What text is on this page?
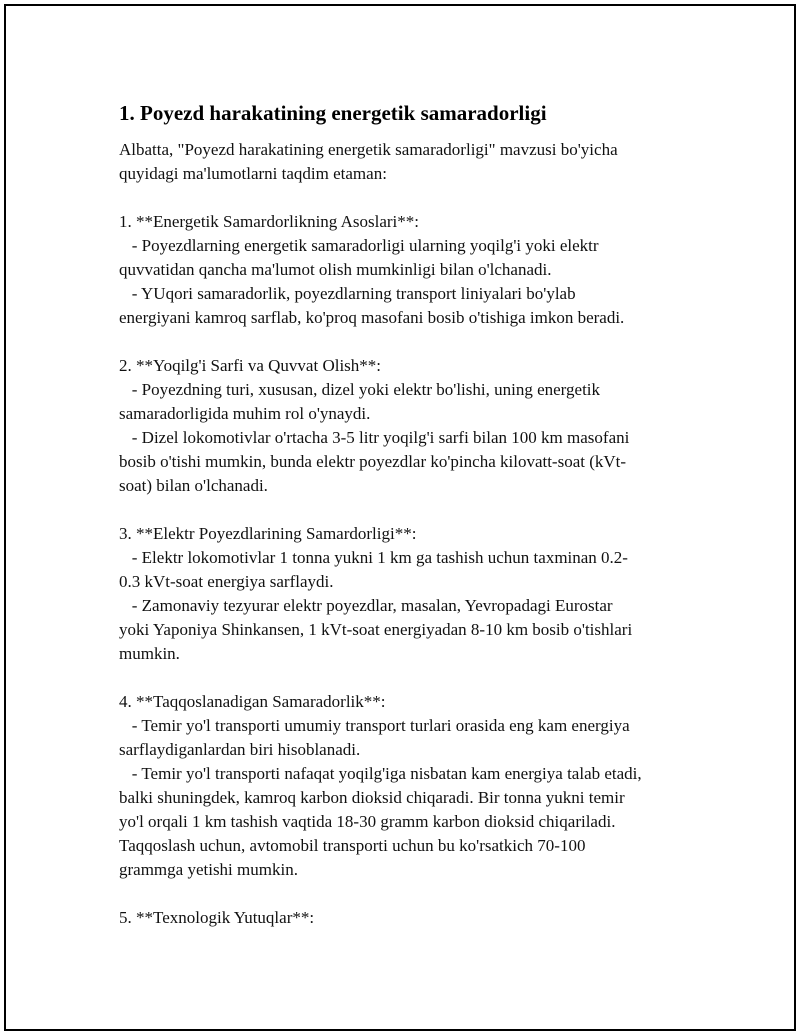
1. Poyezd harakatining energetik samaradorligi

Albatta, "Poyezd harakatining energetik samaradorligi" mavzusi bo'yicha
quyidagi ma'lumotlarni taqdim etaman:

1. **Energetik Samardorlikning Asoslari**:
- Poyezdlarning energetik samaradorligi ularning yoqilg'i yoki elektr
quvvatidan qancha ma'lumot olish mumkinligi bilan o'lchanadi.
- YUqori samaradorlik, poyezdlarning transport liniyalari bo'ylab
energiyani kamroq sarflab, ko'proq masofani bosib o'tishiga imkon beradi.

2. **Yoqilg'i Sarfi va Quvvat Olish**:
- Poyezdning turi, xususan, dizel yoki elektr bo'lishi, uning energetik
samaradorligida muhim rol o'ynaydi.
- Dizel lokomotivlar o'rtacha 3-5 litr yoqilg'i sarfi bilan 100 km masofani
bosib o'tishi mumkin, bunda elektr poyezdlar ko'pincha kilovatt-soat (kVt-
soat) bilan o'lchanadi.

3. **Elektr Poyezdlarining Samardorligi**:
- Elektr lokomotivlar 1 tonna yukni 1 km ga tashish uchun taxminan 0.2-
0.3 kVt-soat energiya sarflaydi.
- Zamonaviy tezyurar elektr poyezdlar, masalan, Yevropadagi Eurostar
yoki Yaponiya Shinkansen, 1 kVt-soat energiyadan 8-10 km bosib o'tishlari
mumkin.

4. **Taqqoslanadigan Samaradorlik**:
- Temir yo'l transporti umumiy transport turlari orasida eng kam energiya
sarflaydiganlardan biri hisoblanadi.
- Temir yo'l transporti nafaqat yoqilg'iga nisbatan kam energiya talab etadi,
balki shuningdek, kamroq karbon dioksid chiqaradi. Bir tonna yukni temir
yo'l orqali 1 km tashish vaqtida 18-30 gramm karbon dioksid chiqariladi.
Taqqoslash uchun, avtomobil transporti uchun bu ko'rsatkich 70-100
grammga yetishi mumkin.

5. **Texnologik Yutuqlar**:
